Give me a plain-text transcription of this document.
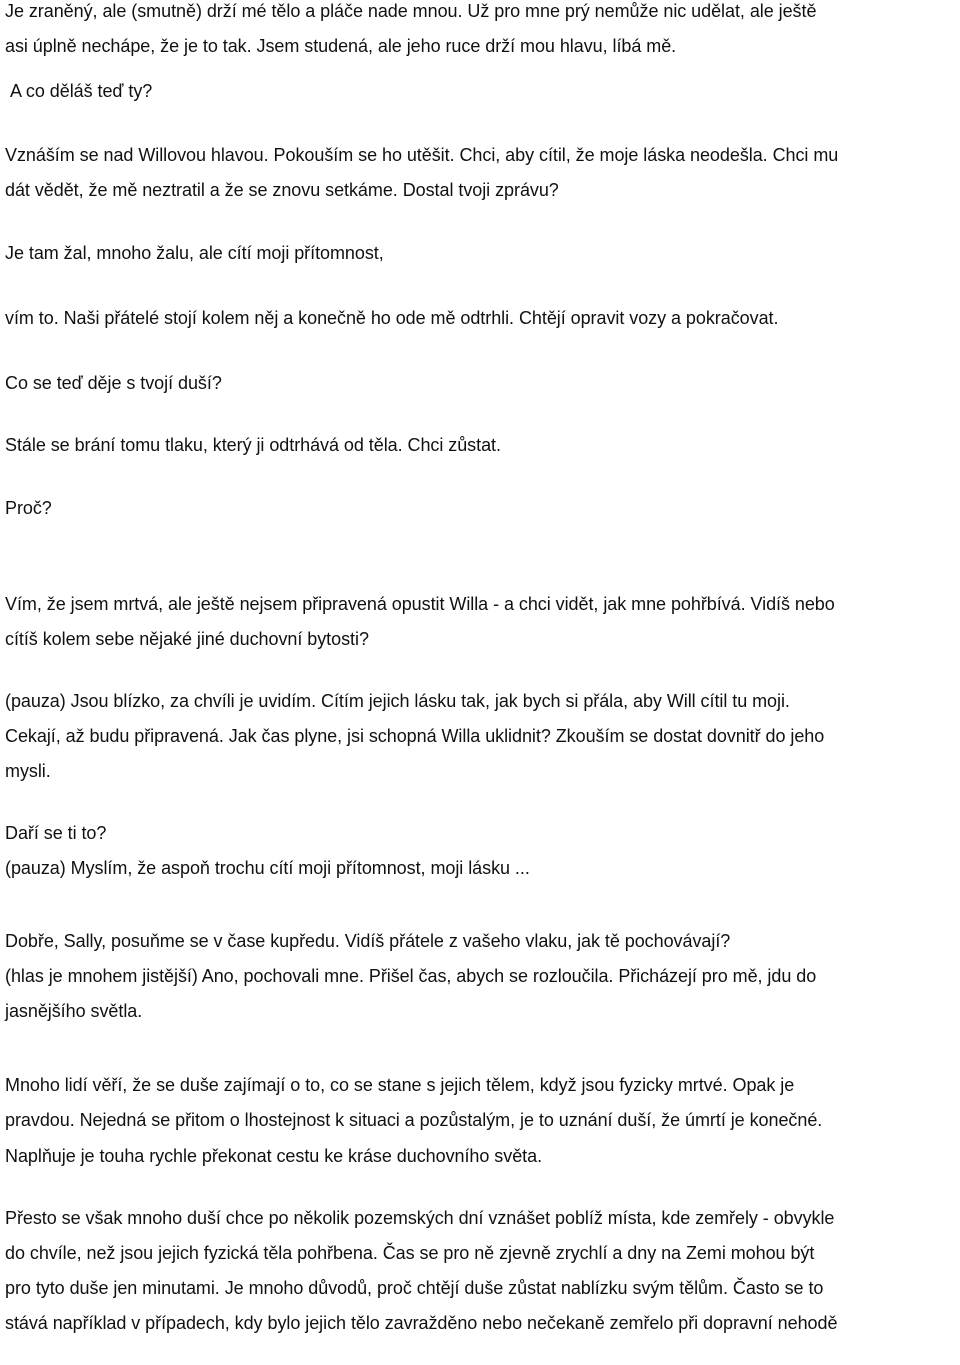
Je zraněný, ale (smutně) drží mé tělo a pláče nade mnou. Už pro mne prý nemůže nic udělat, ale ještě
asi úplně nechápe, že je to tak. Jsem studená, ale jeho ruce drží mou hlavu, líbá mě.
A co děláš teď ty?
Vznáším se nad Willovou hlavou. Pokouším se ho utěšit. Chci, aby cítil, že moje láska neodešla. Chci mu
dát vědět, že mě neztratil a že se znovu setkáme. Dostal tvoji zprávu?
Je tam žal, mnoho žalu, ale cítí moji přítomnost,
vím to. Naši přátelé stojí kolem něj a konečně ho ode mě odtrhli. Chtějí opravit vozy a pokračovat.
Co se teď děje s tvojí duší?
Stále se brání tomu tlaku, který ji odtrhává od těla. Chci zůstat.
Proč?
Vím, že jsem mrtvá, ale ještě nejsem připravená opustit Willa - a chci vidět, jak mne pohřbívá. Vidíš nebo
cítíš kolem sebe nějaké jiné duchovní bytosti?
(pauza) Jsou blízko, za chvíli je uvidím. Cítím jejich lásku tak, jak bych si přála, aby Will cítil tu moji.
Cekají, až budu připravená. Jak čas plyne, jsi schopná Willa uklidnit? Zkouším se dostat dovnitř do jeho
mysli.
Daří se ti to?
(pauza) Myslím, že aspoň trochu cítí moji přítomnost, moji lásku ...
Dobře, Sally, posuňme se v čase kupředu. Vidíš přátele z vašeho vlaku, jak tě pochovávají?
(hlas je mnohem jistější) Ano, pochovali mne. Přišel čas, abych se rozloučila. Přicházejí pro mě, jdu do
jasnějšího světla.
Mnoho lidí věří, že se duše zajímají o to, co se stane s jejich tělem, když jsou fyzicky mrtvé. Opak je
pravdou. Nejedná se přitom o lhostejnost k situaci a pozůstalým, je to uznání duší, že úmrtí je konečné.
Naplňuje je touha rychle překonat cestu ke kráse duchovního světa.
Přesto se však mnoho duší chce po několik pozemských dní vznášet poblíž místa, kde zemřely - obvykle
do chvíle, než jsou jejich fyzická těla pohřbena. Čas se pro ně zjevně zrychlí a dny na Zemi mohou být
pro tyto duše jen minutami. Je mnoho důvodů, proč chtějí duše zůstat nablízku svým tělům. Často se to
stává například v případech, kdy bylo jejich tělo zavražděno nebo nečekaně zemřelo při dopravní nehodě
